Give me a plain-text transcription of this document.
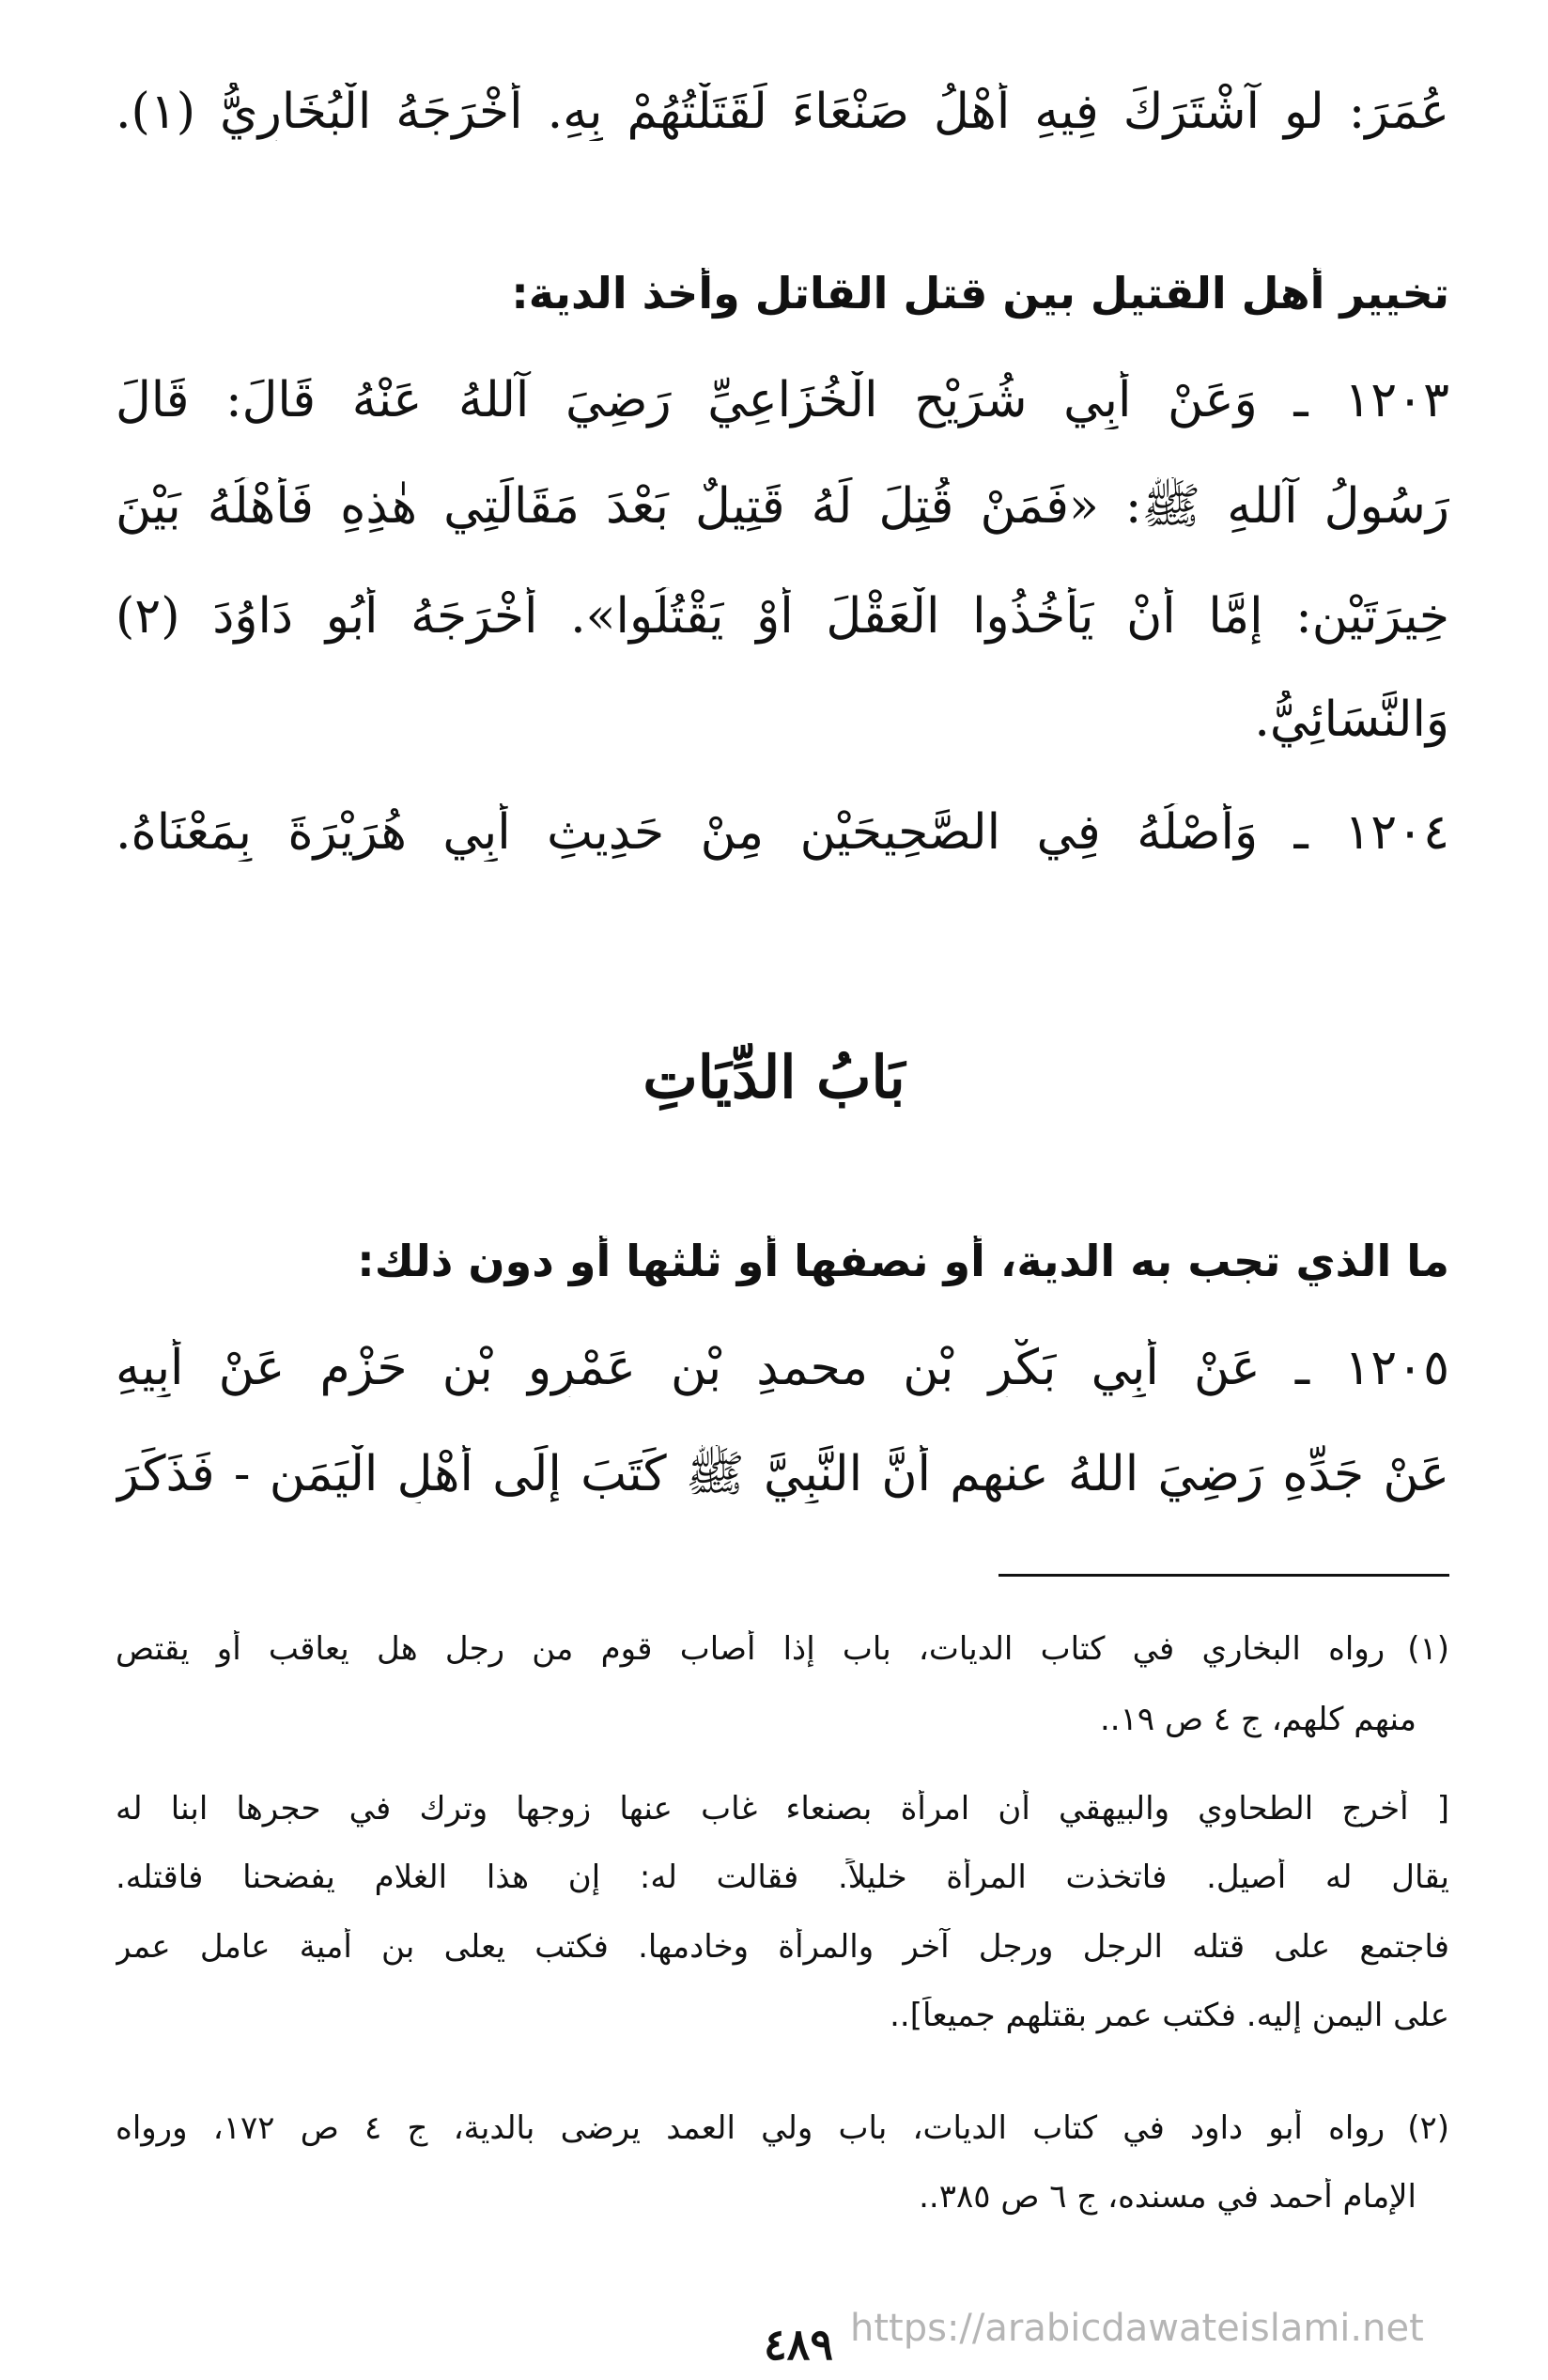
عُمَرَ: لو آشْتَرَكَ فِيهِ أَهْلُ صَنْعَاءَ لَقَتَلْتُهُمْ بِهِ. أَخْرَجَهُ الْبُخَارِيُّ (١).
تخيير أهل القتيل بين قتل القاتل وأخذ الدية:
١٢٠٣ ـ وَعَنْ أَبِي شُرَيْحٍ الْخُزَاعِيِّ رَضِيَ آللهُ عَنْهُ قَالَ: قَالَ
رَسُولُ آللهِ ﷺ: «فَمَنْ قُتِلَ لَهُ قَتِيلٌ بَعْدَ مَقَالَتِي هٰذِهِ فَأَهْلُهُ بَيْنَ
خِيرَتَيْنِ: إِمَّا أَنْ يَأْخُذُوا الْعَقْلَ أَوْ يَقْتُلُوا». أَخْرَجَهُ أَبُو دَاوُدَ (٢)
وَالنَّسَائِيُّ.
١٢٠٤ ـ وَأَصْلُهُ فِي الصَّحِيحَيْنِ مِنْ حَدِيثِ أَبِي هُرَيْرَةَ بِمَعْنَاهُ.
بَابُ الدِّيَاتِ
ما الذي تجب به الدية، أو نصفها أو ثلثها أو دون ذلك:
١٢٠٥ ـ عَنْ أَبِي بَكْرِ بْنِ محمدِ بْنِ عَمْرِو بْنِ حَزْمٍ عَنْ أَبِيهِ
عَنْ جَدِّهِ رَضِيَ اللهُ عنهم أَنَّ النَّبِيَّ ﷺ كَتَبَ إِلَى أَهْلِ الْيَمَنِ - فَذَكَرَ
(١)رواه البخاري في كتاب الديات، باب إذا أصاب قوم من رجل هل يعاقب أو يقتص
منهم كلهم، ج ٤ ص ١٩..
[ أخرج الطحاوي والبيهقي أن امرأة بصنعاء غاب عنها زوجها وترك في حجرها ابنا له
يقال له أصيل. فاتخذت المرأة خليلاً. فقالت له: إن هذا الغلام يفضحنا فاقتله.
فاجتمع على قتله الرجل ورجل آخر والمرأة وخادمها. فكتب يعلى بن أمية عامل عمر
على اليمن إليه. فكتب عمر بقتلهم جميعاً]..
(٢)رواه أبو داود في كتاب الديات، باب ولي العمد يرضى بالدية، ج ٤ ص ١٧٢، ورواه
الإمام أحمد في مسنده، ج ٦ ص ٣٨٥..
٤٨٩ https://arabicdawateislami.net
